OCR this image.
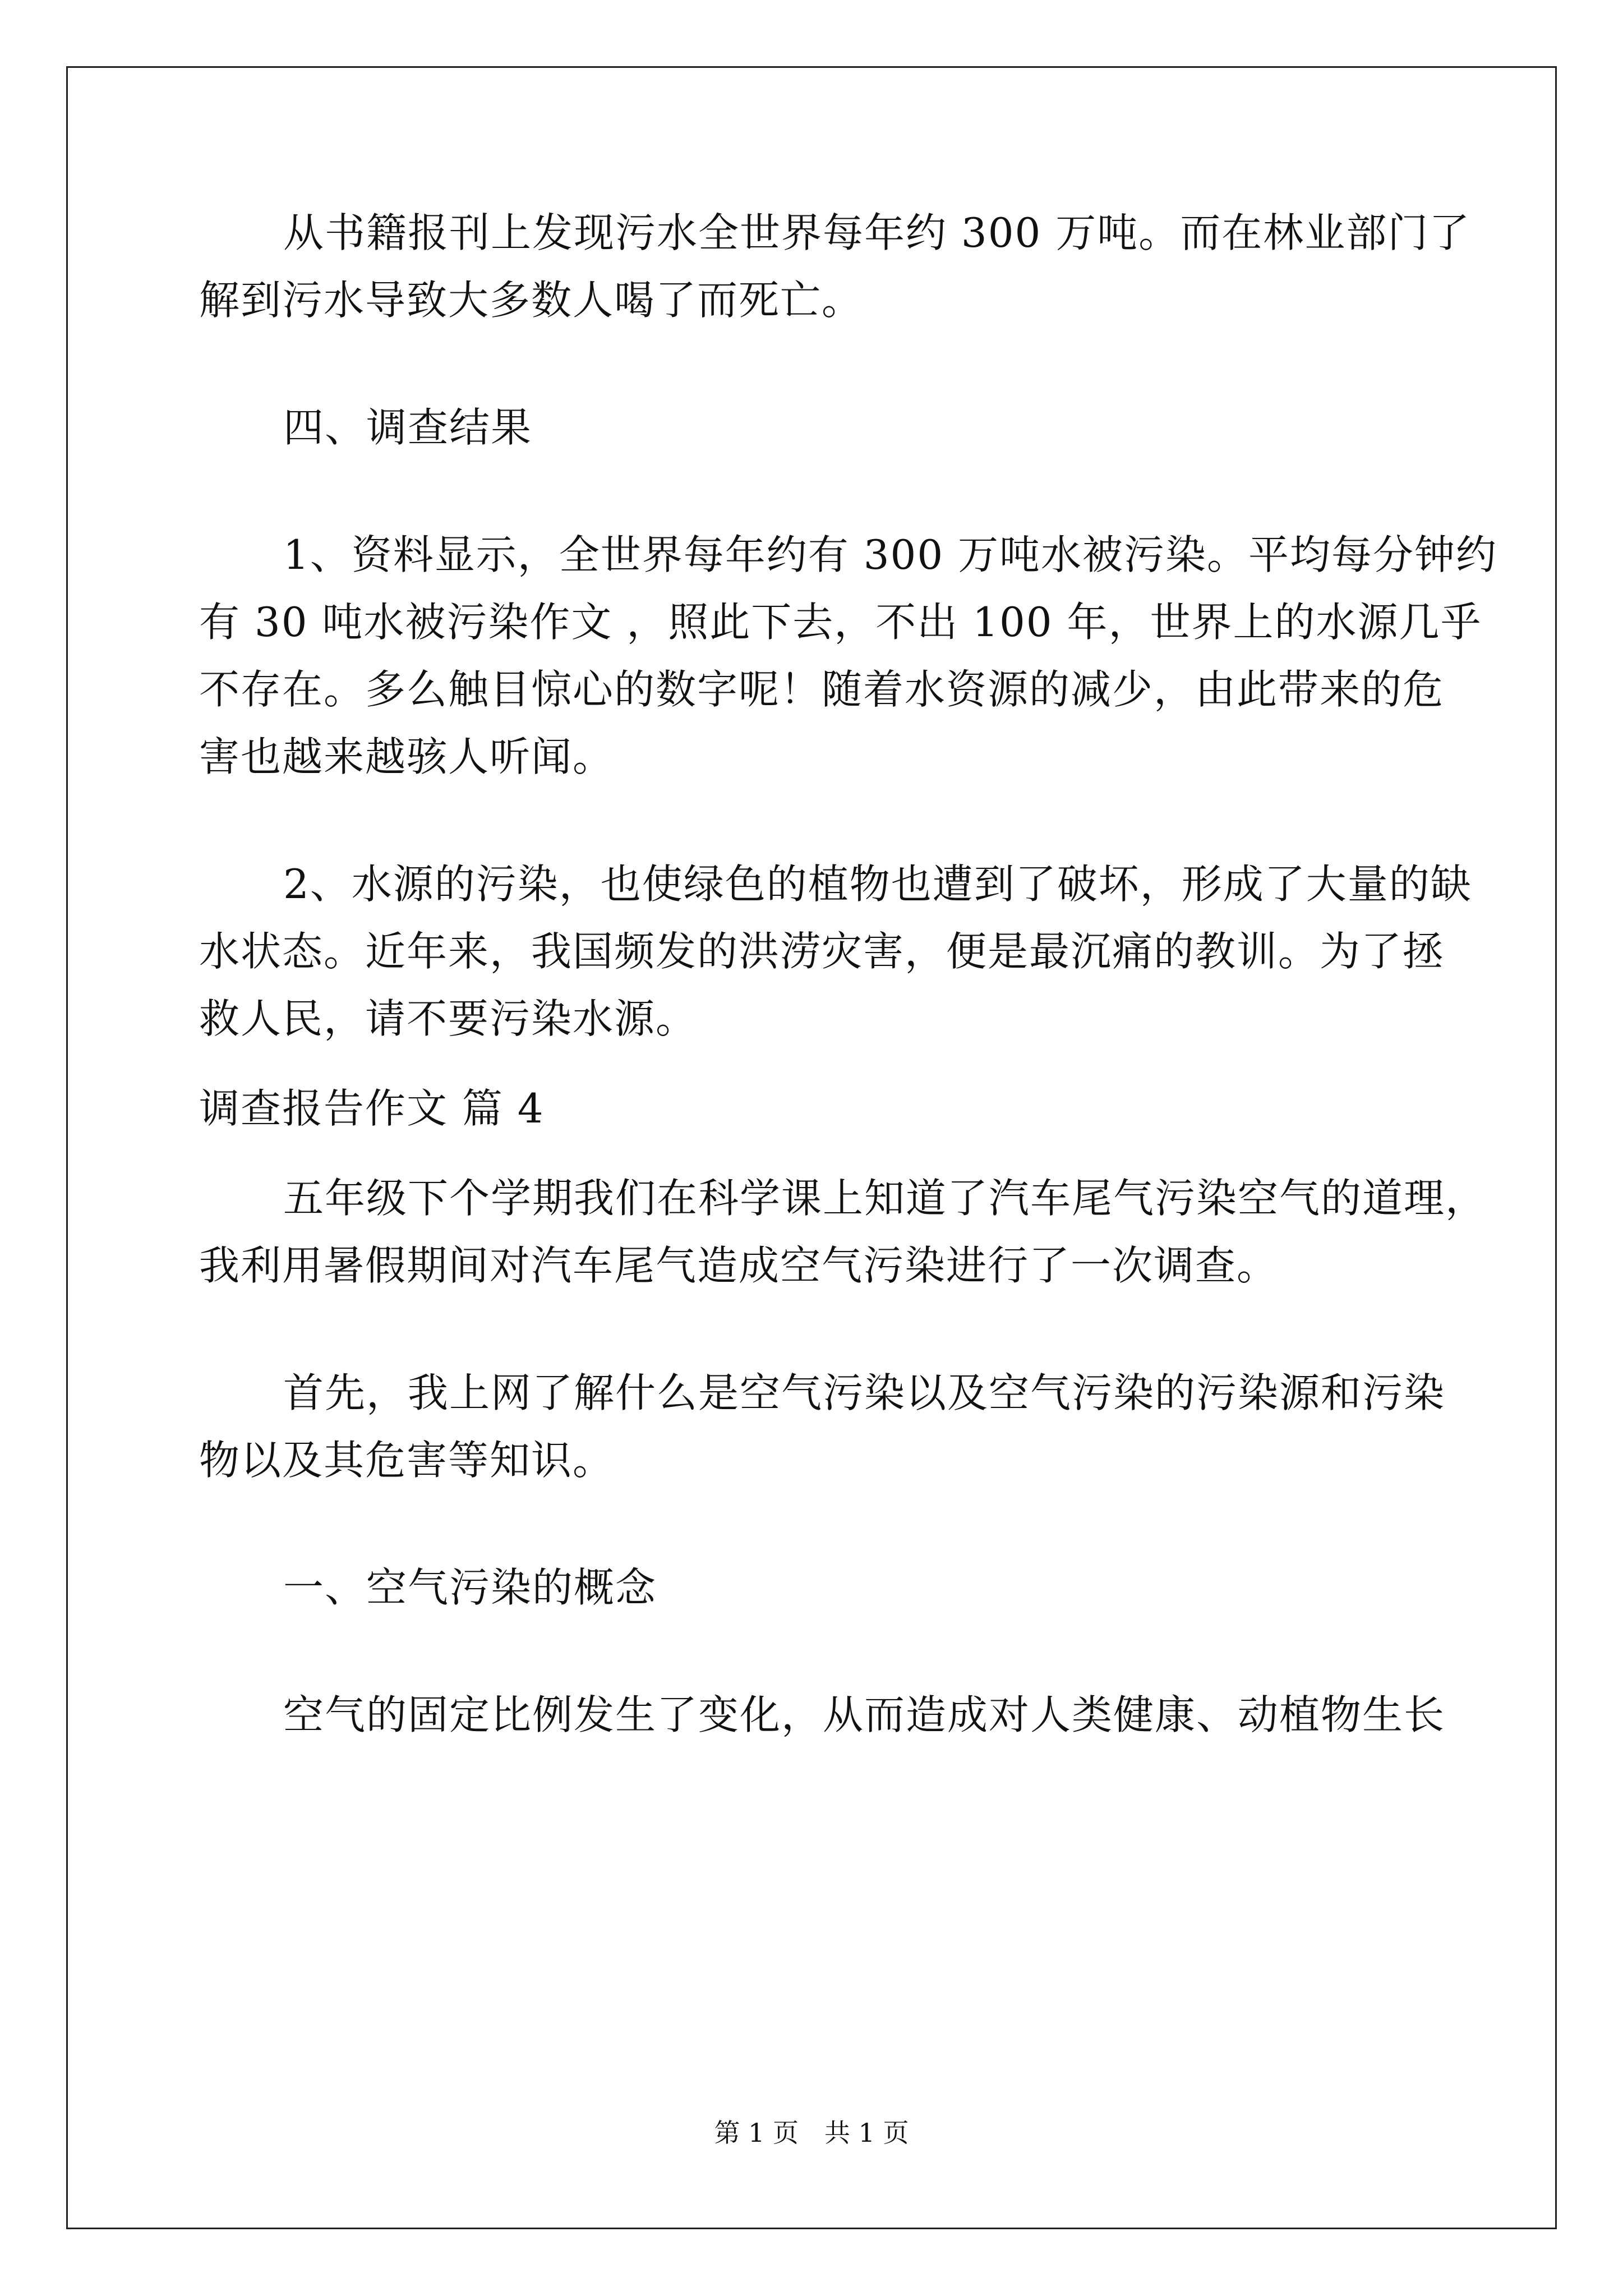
从书籍报刊上发现污水全世界每年约 300 万吨。而在林业部门了

解到污水导致大多数人喝了而死亡。

四、调查结果

1、资料显示，全世界每年约有 300 万吨水被污染。平均每分钟约

有 30 吨水被污染作文 ，照此下去，不出 100 年，世界上的水源几乎

不存在。多么触目惊心的数字呢！随着水资源的减少，由此带来的危

害也越来越骇人听闻。

2、水源的污染，也使绿色的植物也遭到了破坏，形成了大量的缺

水状态。近年来，我国频发的洪涝灾害，便是最沉痛的教训。为了拯

救人民，请不要污染水源。

调查报告作文 篇 4

五年级下个学期我们在科学课上知道了汽车尾气污染空气的道理，

我利用暑假期间对汽车尾气造成空气污染进行了一次调查。

首先，我上网了解什么是空气污染以及空气污染的污染源和污染

物以及其危害等知识。

一、空气污染的概念

空气的固定比例发生了变化，从而造成对人类健康、动植物生长

第 1 页　共 1 页
